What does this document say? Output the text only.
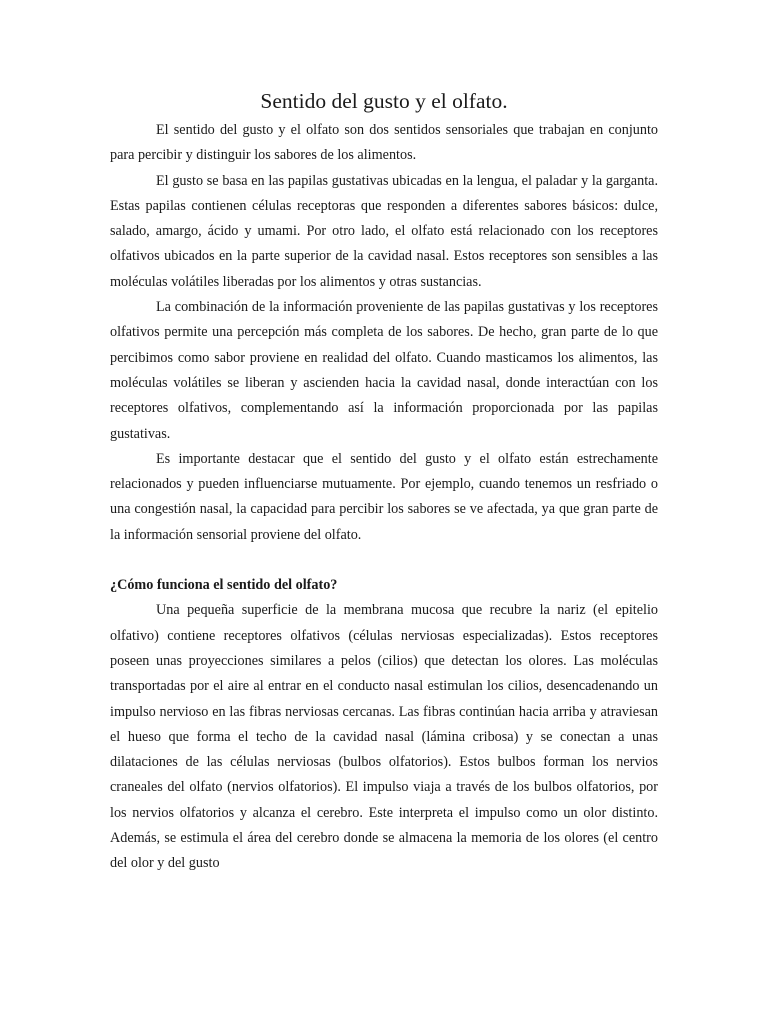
Sentido del gusto y el olfato.

El sentido del gusto y el olfato son dos sentidos sensoriales que trabajan en conjunto para percibir y distinguir los sabores de los alimentos.

El gusto se basa en las papilas gustativas ubicadas en la lengua, el paladar y la garganta. Estas papilas contienen células receptoras que responden a diferentes sabores básicos: dulce, salado, amargo, ácido y umami. Por otro lado, el olfato está relacionado con los receptores olfativos ubicados en la parte superior de la cavidad nasal. Estos receptores son sensibles a las moléculas volátiles liberadas por los alimentos y otras sustancias.

La combinación de la información proveniente de las papilas gustativas y los receptores olfativos permite una percepción más completa de los sabores. De hecho, gran parte de lo que percibimos como sabor proviene en realidad del olfato. Cuando masticamos los alimentos, las moléculas volátiles se liberan y ascienden hacia la cavidad nasal, donde interactúan con los receptores olfativos, complementando así la información proporcionada por las papilas gustativas.

Es importante destacar que el sentido del gusto y el olfato están estrechamente relacionados y pueden influenciarse mutuamente. Por ejemplo, cuando tenemos un resfriado o una congestión nasal, la capacidad para percibir los sabores se ve afectada, ya que gran parte de la información sensorial proviene del olfato.

¿Cómo funciona el sentido del olfato?

Una pequeña superficie de la membrana mucosa que recubre la nariz (el epitelio olfativo) contiene receptores olfativos (células nerviosas especializadas). Estos receptores poseen unas proyecciones similares a pelos (cilios) que detectan los olores. Las moléculas transportadas por el aire al entrar en el conducto nasal estimulan los cilios, desencadenando un impulso nervioso en las fibras nerviosas cercanas. Las fibras continúan hacia arriba y atraviesan el hueso que forma el techo de la cavidad nasal (lámina cribosa) y se conectan a unas dilataciones de las células nerviosas (bulbos olfatorios). Estos bulbos forman los nervios craneales del olfato (nervios olfatorios). El impulso viaja a través de los bulbos olfatorios, por los nervios olfatorios y alcanza el cerebro. Este interpreta el impulso como un olor distinto. Además, se estimula el área del cerebro donde se almacena la memoria de los olores (el centro del olor y del gusto
